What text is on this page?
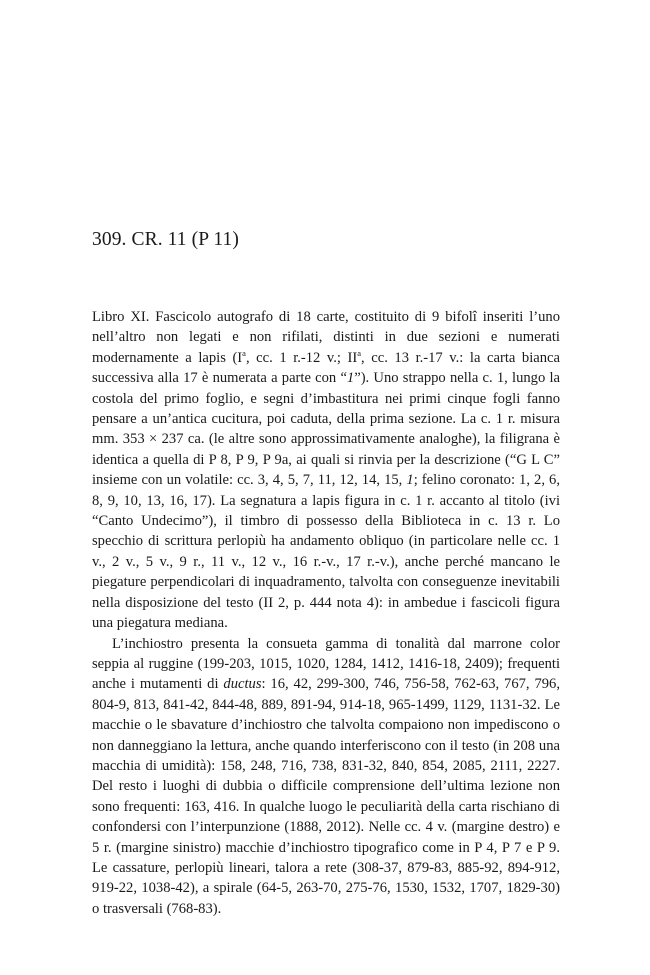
309. CR. 11 (P 11)

Libro XI. Fascicolo autografo di 18 carte, costituito di 9 bifolî inseriti l’uno nell’altro non legati e non rifilati, distinti in due sezioni e numerati modernamente a lapis ($I^a$, cc. 1 r.-12 v.; $II^a$, cc. 13 r.-17 v.: la carta bianca successiva alla 17 è numerata a parte con “1”). Uno strappo nella c. 1, lungo la costola del primo foglio, e segni d’imbastitura nei primi cinque fogli fanno pensare a un’antica cucitura, poi caduta, della prima sezione. La c. 1 r. misura mm. 353 × 237 ca. (le altre sono approssimativamente analoghe), la filigrana è identica a quella di P 8, P 9, P 9a, ai quali si rinvia per la descrizione (“G L C” insieme con un volatile: cc. 3, 4, 5, 7, 11, 12, 14, 15, 1; felino coronato: 1, 2, 6, 8, 9, 10, 13, 16, 17). La segnatura a lapis figura in c. 1 r. accanto al titolo (ivi “Canto Undecimo”), il timbro di possesso della Biblioteca in c. 13 r. Lo specchio di scrittura perlopiù ha andamento obliquo (in particolare nelle cc. 1 v., 2 v., 5 v., 9 r., 11 v., 12 v., 16 r.-v., 17 r.-v.), anche perché mancano le piegature perpendicolari di inquadramento, talvolta con conseguenze inevitabili nella disposizione del testo (II 2, p. 444 nota 4): in ambedue i fascicoli figura una piegatura mediana.

L’inchiostro presenta la consueta gamma di tonalità dal marrone color seppia al ruggine (199-203, 1015, 1020, 1284, 1412, 1416-18, 2409); frequenti anche i mutamenti di ductus: 16, 42, 299-300, 746, 756-58, 762-63, 767, 796, 804-9, 813, 841-42, 844-48, 889, 891-94, 914-18, 965-1499, 1129, 1131-32. Le macchie o le sbavature d’inchiostro che talvolta compaiono non impediscono o non danneggiano la lettura, anche quando interferiscono con il testo (in 208 una macchia di umidità): 158, 248, 716, 738, 831-32, 840, 854, 2085, 2111, 2227. Del resto i luoghi di dubbia o difficile comprensione dell’ultima lezione non sono frequenti: 163, 416. In qualche luogo le peculiarità della carta rischiano di confondersi con l’interpunzione (1888, 2012). Nelle cc. 4 v. (margine destro) e 5 r. (margine sinistro) macchie d’inchiostro tipografico come in P 4, P 7 e P 9. Le cassature, perlopiù lineari, talora a rete (308-37, 879-83, 885-92, 894-912, 919-22, 1038-42), a spirale (64-5, 263-70, 275-76, 1530, 1532, 1707, 1829-30) o trasversali (768-83).
